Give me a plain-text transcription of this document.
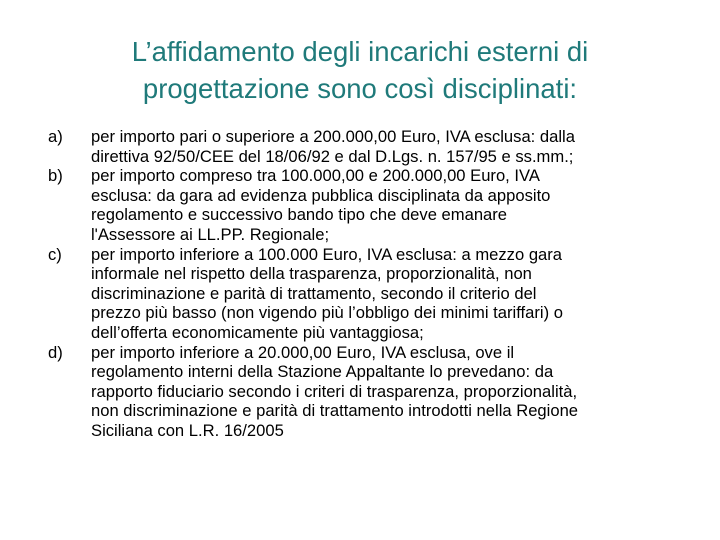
L’affidamento degli incarichi esterni di
progettazione sono così disciplinati:
a)	per importo pari o superiore a 200.000,00 Euro, IVA esclusa: dalla
direttiva 92/50/CEE del 18/06/92 e dal D.Lgs. n. 157/95 e ss.mm.;
b)	per importo compreso tra 100.000,00 e 200.000,00 Euro, IVA
esclusa: da gara ad evidenza pubblica disciplinata da apposito
regolamento e successivo bando tipo che deve emanare
l'Assessore ai LL.PP. Regionale;
c)	per importo inferiore a 100.000 Euro, IVA esclusa: a mezzo gara
informale nel rispetto della trasparenza, proporzionalità, non
discriminazione e parità di trattamento, secondo il criterio del
prezzo più basso (non vigendo più l’obbligo dei minimi tariffari) o
dell’offerta economicamente più vantaggiosa;
d)	per importo inferiore a 20.000,00 Euro, IVA esclusa, ove il
regolamento interni della Stazione Appaltante lo prevedano: da
rapporto fiduciario secondo i criteri di trasparenza, proporzionalità,
non discriminazione e parità di trattamento introdotti nella Regione
Siciliana con L.R. 16/2005
